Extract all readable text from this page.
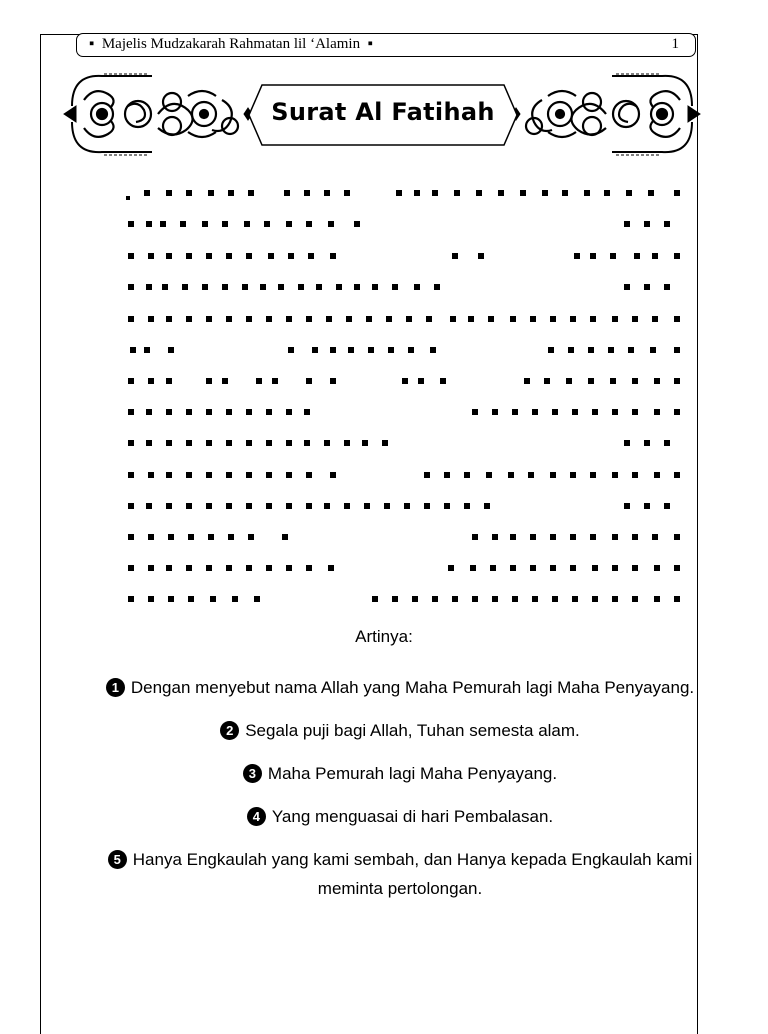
▪  Majelis Mudzakarah Rahmatan lil ‘Alamin  ▪	1
Surat Al Fatihah
Artinya:
1 Dengan menyebut nama Allah yang Maha Pemurah lagi Maha Penyayang.
2 Segala puji bagi Allah, Tuhan semesta alam.
3 Maha Pemurah lagi Maha Penyayang.
4 Yang menguasai di hari Pembalasan.
5 Hanya Engkaulah yang kami sembah, dan Hanya kepada Engkaulah kami meminta pertolongan.
